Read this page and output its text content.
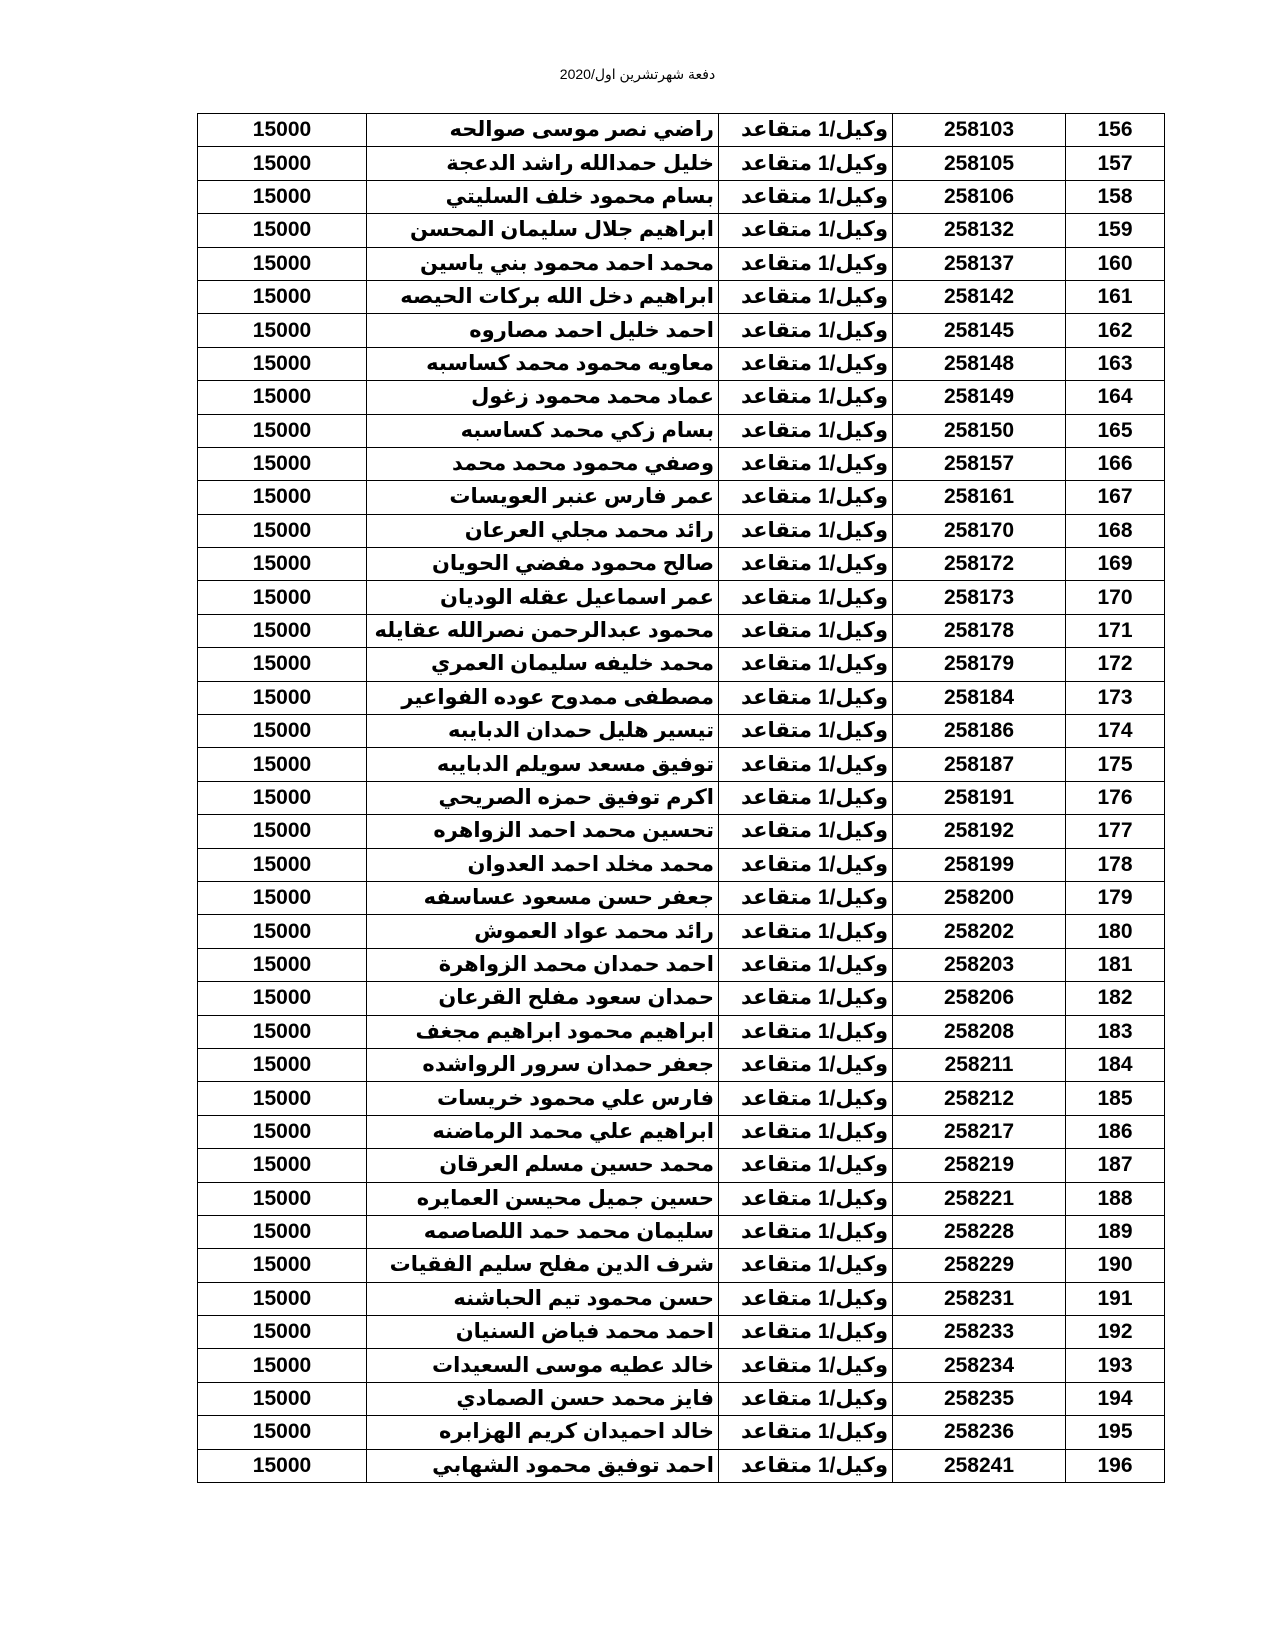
دفعة شهرتشرين اول/2020
156	258103	وكيل/1 متقاعد	راضي نصر موسى صوالحه	15000
157	258105	وكيل/1 متقاعد	خليل حمدالله راشد الدعجة	15000
158	258106	وكيل/1 متقاعد	بسام محمود خلف السليتي	15000
159	258132	وكيل/1 متقاعد	ابراهيم جلال سليمان المحسن	15000
160	258137	وكيل/1 متقاعد	محمد احمد محمود بني ياسين	15000
161	258142	وكيل/1 متقاعد	ابراهيم دخل الله بركات الحيصه	15000
162	258145	وكيل/1 متقاعد	احمد خليل احمد مصاروه	15000
163	258148	وكيل/1 متقاعد	معاويه محمود محمد كساسبه	15000
164	258149	وكيل/1 متقاعد	عماد محمد محمود زغول	15000
165	258150	وكيل/1 متقاعد	بسام زكي محمد كساسبه	15000
166	258157	وكيل/1 متقاعد	وصفي محمود محمد محمد	15000
167	258161	وكيل/1 متقاعد	عمر فارس عنبر العويسات	15000
168	258170	وكيل/1 متقاعد	رائد محمد مجلي العرعان	15000
169	258172	وكيل/1 متقاعد	صالح محمود مفضي الحويان	15000
170	258173	وكيل/1 متقاعد	عمر اسماعيل عقله الوديان	15000
171	258178	وكيل/1 متقاعد	محمود عبدالرحمن نصرالله عقايله	15000
172	258179	وكيل/1 متقاعد	محمد خليفه سليمان العمري	15000
173	258184	وكيل/1 متقاعد	مصطفى ممدوح عوده الفواعير	15000
174	258186	وكيل/1 متقاعد	تيسير هليل حمدان الدبايبه	15000
175	258187	وكيل/1 متقاعد	توفيق مسعد سويلم الدبايبه	15000
176	258191	وكيل/1 متقاعد	اكرم توفيق حمزه الصريحي	15000
177	258192	وكيل/1 متقاعد	تحسين محمد احمد الزواهره	15000
178	258199	وكيل/1 متقاعد	محمد مخلد احمد العدوان	15000
179	258200	وكيل/1 متقاعد	جعفر حسن مسعود عساسفه	15000
180	258202	وكيل/1 متقاعد	رائد محمد عواد العموش	15000
181	258203	وكيل/1 متقاعد	احمد حمدان محمد الزواهرة	15000
182	258206	وكيل/1 متقاعد	حمدان سعود مفلح القرعان	15000
183	258208	وكيل/1 متقاعد	ابراهيم محمود ابراهيم مجغف	15000
184	258211	وكيل/1 متقاعد	جعفر حمدان سرور الرواشده	15000
185	258212	وكيل/1 متقاعد	فارس علي محمود خريسات	15000
186	258217	وكيل/1 متقاعد	ابراهيم علي محمد الرماضنه	15000
187	258219	وكيل/1 متقاعد	محمد حسين مسلم العرقان	15000
188	258221	وكيل/1 متقاعد	حسين جميل محيسن العمايره	15000
189	258228	وكيل/1 متقاعد	سليمان محمد حمد اللصاصمه	15000
190	258229	وكيل/1 متقاعد	شرف الدين مفلح سليم الفقيات	15000
191	258231	وكيل/1 متقاعد	حسن محمود تيم الحباشنه	15000
192	258233	وكيل/1 متقاعد	احمد محمد فياض السنيان	15000
193	258234	وكيل/1 متقاعد	خالد عطيه موسى السعيدات	15000
194	258235	وكيل/1 متقاعد	فايز محمد حسن الصمادي	15000
195	258236	وكيل/1 متقاعد	خالد احميدان كريم الهزابره	15000
196	258241	وكيل/1 متقاعد	احمد توفيق محمود الشهابي	15000
